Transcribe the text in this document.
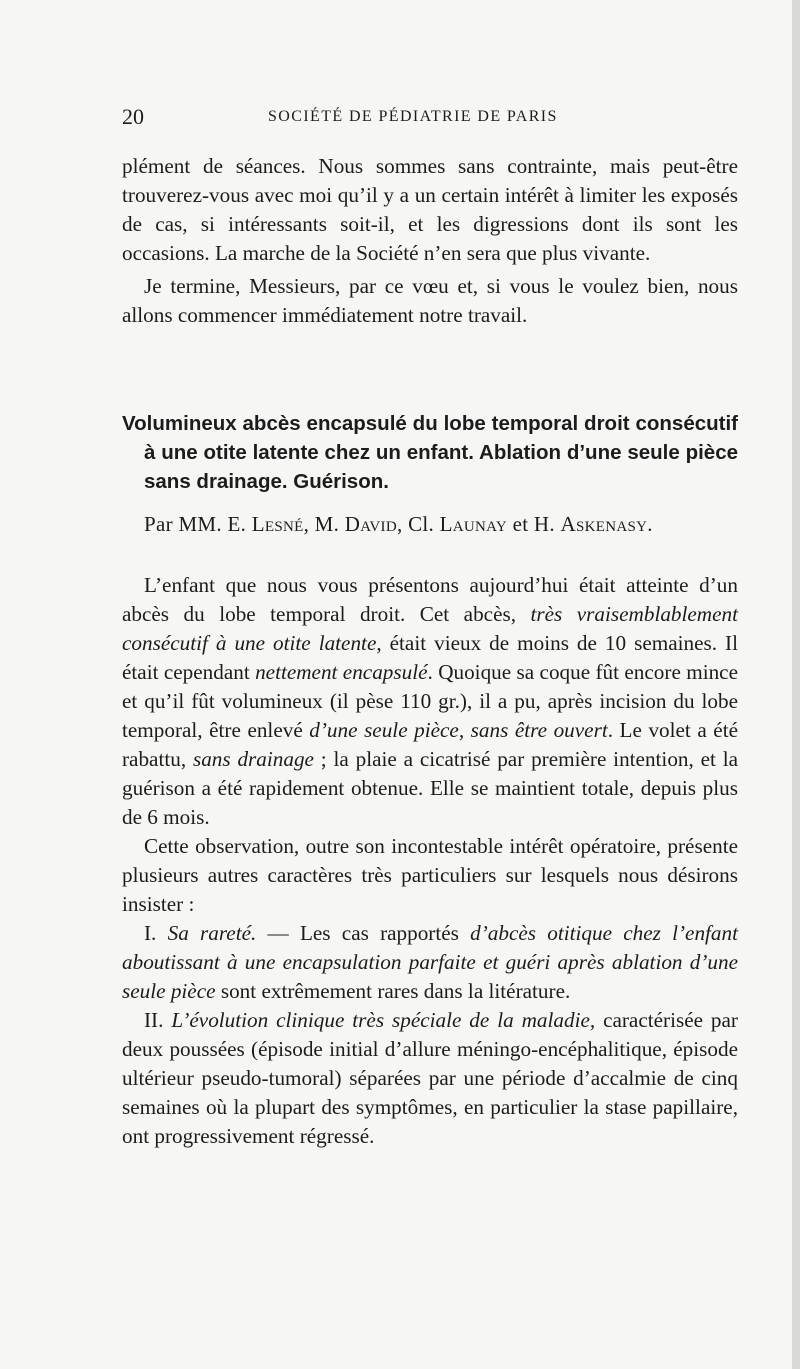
20	SOCIÉTÉ DE PÉDIATRIE DE PARIS

plément de séances. Nous sommes sans contrainte, mais peut-être trouverez-vous avec moi qu’il y a un certain intérêt à limiter les exposés de cas, si intéressants soit-il, et les digressions dont ils sont les occasions. La marche de la Société n’en sera que plus vivante.

Je termine, Messieurs, par ce vœu et, si vous le voulez bien, nous allons commencer immédiatement notre travail.

Volumineux abcès encapsulé du lobe temporal droit consécutif à une otite latente chez un enfant. Ablation d’une seule pièce sans drainage. Guérison.
Par MM. E. Lesné, M. David, Cl. Launay et H. Askenasy.

L’enfant que nous vous présentons aujourd’hui était atteinte d’un abcès du lobe temporal droit. Cet abcès, très vraisemblablement consécutif à une otite latente, était vieux de moins de 10 semaines. Il était cependant nettement encapsulé. Quoique sa coque fût encore mince et qu’il fût volumineux (il pèse 110 gr.), il a pu, après incision du lobe temporal, être enlevé d’une seule pièce, sans être ouvert. Le volet a été rabattu, sans drainage ; la plaie a cicatrisé par première intention, et la guérison a été rapidement obtenue. Elle se maintient totale, depuis plus de 6 mois.

Cette observation, outre son incontestable intérêt opératoire, présente plusieurs autres caractères très particuliers sur lesquels nous désirons insister :

I. Sa rareté. — Les cas rapportés d’abcès otitique chez l’enfant aboutissant à une encapsulation parfaite et guéri après ablation d’une seule pièce sont extrêmement rares dans la litérature.

II. L’évolution clinique très spéciale de la maladie, caractérisée par deux poussées (épisode initial d’allure méningo-encéphalitique, épisode ultérieur pseudo-tumoral) séparées par une période d’accalmie de cinq semaines où la plupart des symptômes, en particulier la stase papillaire, ont progressivement régressé.
